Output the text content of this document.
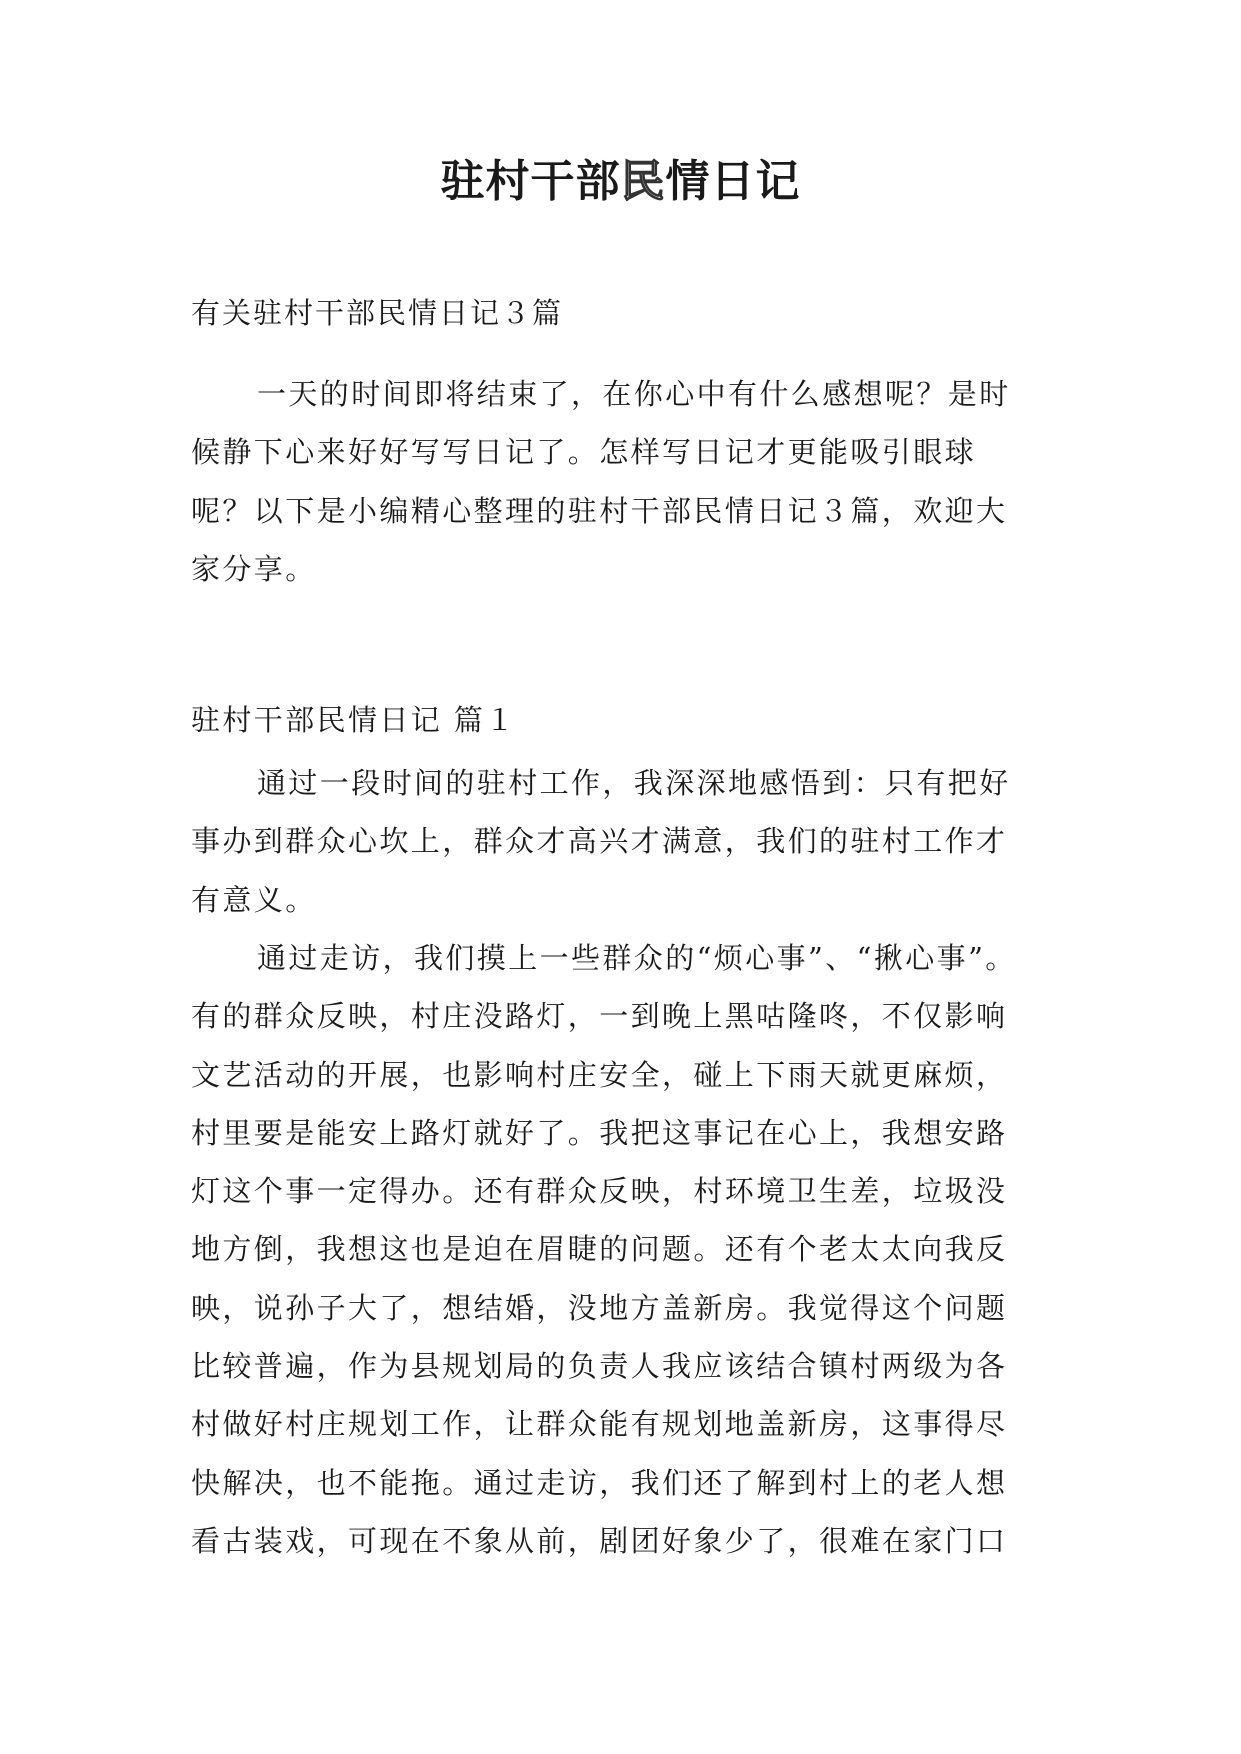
驻村干部民情日记

有关驻村干部民情日记３篇

一天的时间即将结束了，在你心中有什么感想呢？是时
候静下心来好好写写日记了。怎样写日记才更能吸引眼球
呢？以下是小编精心整理的驻村干部民情日记３篇，欢迎大
家分享。

驻村干部民情日记 篇１

通过一段时间的驻村工作，我深深地感悟到：只有把好
事办到群众心坎上，群众才高兴才满意，我们的驻村工作才
有意义。
通过走访，我们摸上一些群众的“烦心事”、“揪心事”。
有的群众反映，村庄没路灯，一到晚上黑咕隆咚，不仅影响
文艺活动的开展，也影响村庄安全，碰上下雨天就更麻烦，
村里要是能安上路灯就好了。我把这事记在心上，我想安路
灯这个事一定得办。还有群众反映，村环境卫生差，垃圾没
地方倒，我想这也是迫在眉睫的问题。还有个老太太向我反
映，说孙子大了，想结婚，没地方盖新房。我觉得这个问题
比较普遍，作为县规划局的负责人我应该结合镇村两级为各
村做好村庄规划工作，让群众能有规划地盖新房，这事得尽
快解决，也不能拖。通过走访，我们还了解到村上的老人想
看古装戏，可现在不象从前，剧团好象少了，很难在家门口
